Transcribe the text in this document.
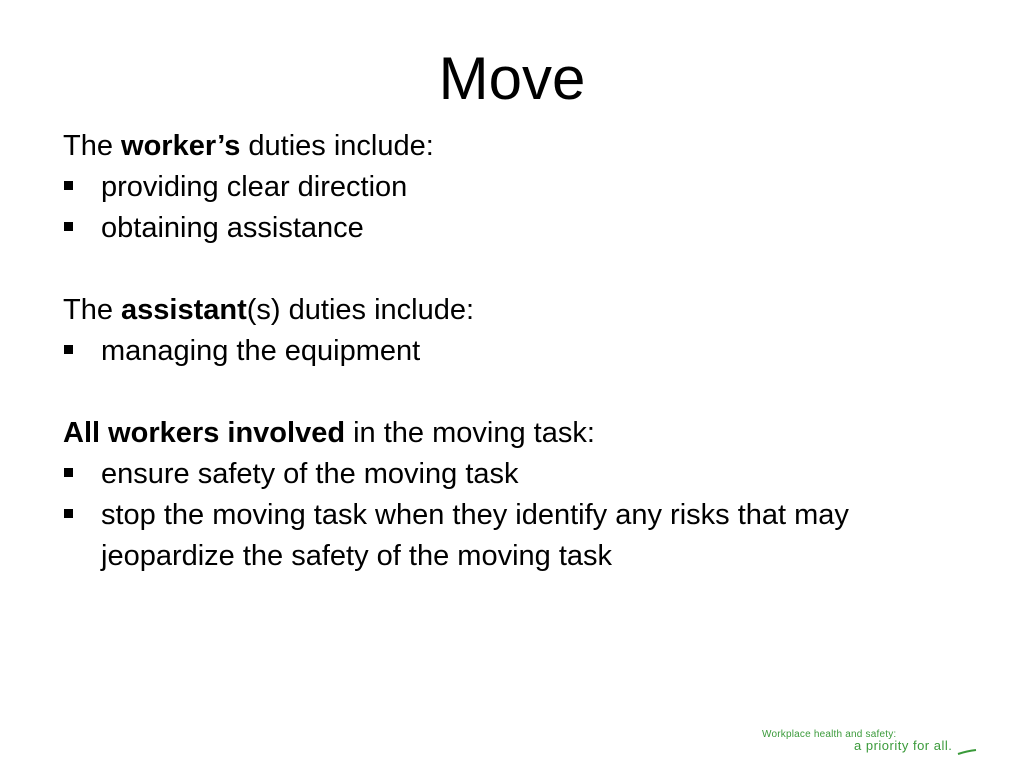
Move

The worker’s duties include:

providing clear direction
obtaining assistance

The assistant(s) duties include:

managing the equipment

All workers involved in the moving task:

ensure safety of the moving task
stop the moving task when they identify any risks that may jeopardize the safety of the moving task
Workplace health and safety:
a priority for all.
